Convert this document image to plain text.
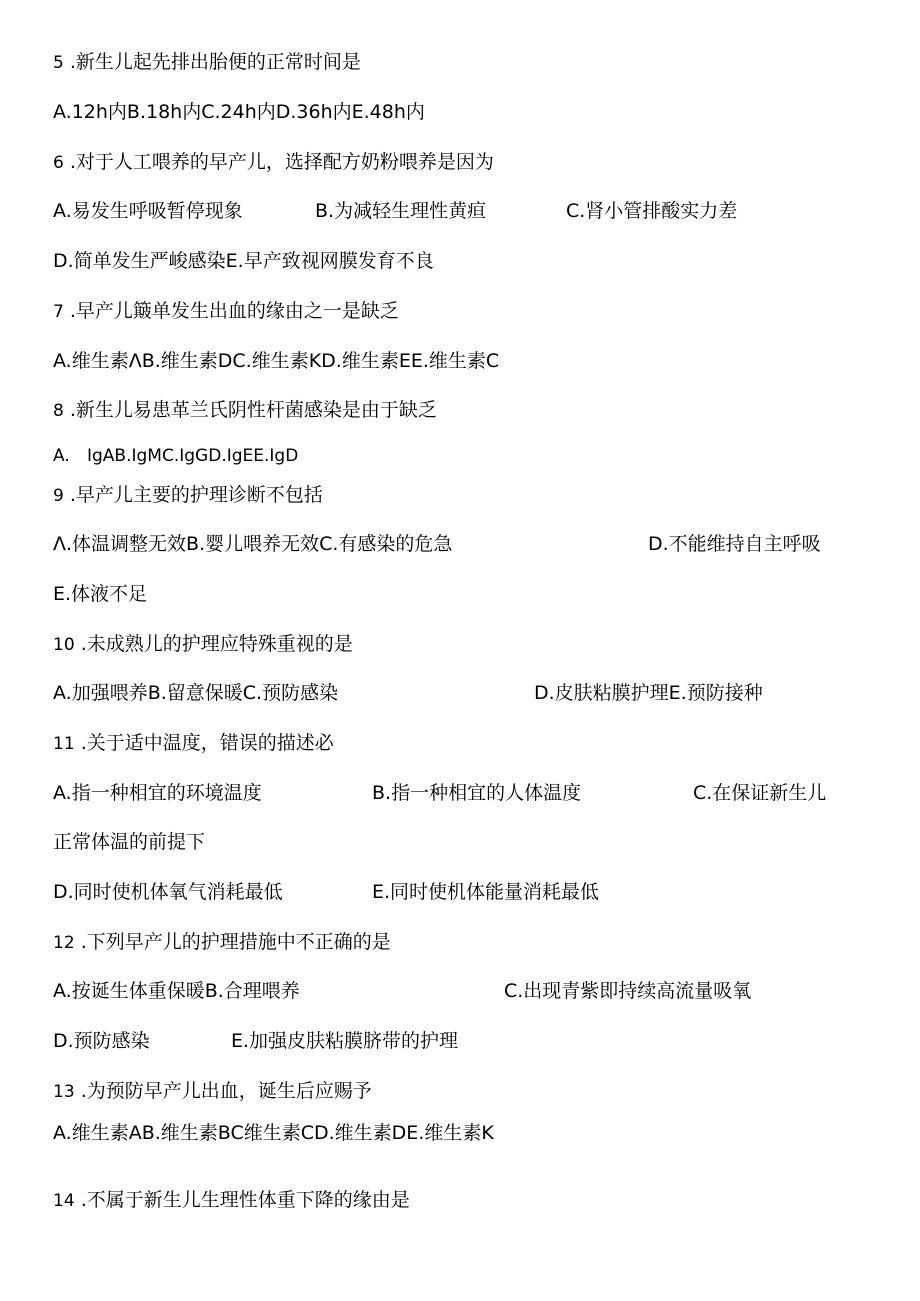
5 .新生儿起先排出胎便的正常时间是
A.12h内B.18h内C.24h内D.36h内E.48h内
6 .对于人工喂养的早产儿，选择配方奶粉喂养是因为
A.易发生呼吸暂停现象	B.为减轻生理性黄疸	C.肾小管排酸实力差
D.简单发生严峻感染E.早产致视网膜发育不良
7 .早产儿簸单发生出血的缘由之一是缺乏
A.维生素ΛB.维生素DC.维生素KD.维生素EE.维生素C
8 .新生儿易患革兰氏阴性杆菌感染是由于缺乏
A. IgAB.IgMC.IgGD.IgEE.IgD
9 .早产儿主要的护理诊断不包括
Λ.体温调整无效B.婴儿喂养无效C.有感染的危急	D.不能维持自主呼吸
E.体液不足
10 .未成熟儿的护理应特殊重视的是
A.加强喂养B.留意保暖C.预防感染	D.皮肤粘膜护理E.预防接种
11 .关于适中温度，错误的描述必
A.指一种相宜的环境温度	B.指一种相宜的人体温度	C.在保证新生儿
正常体温的前提下
D.同时使机体氧气消耗最低	E.同时使机体能量消耗最低
12 .下列早产儿的护理措施中不正确的是
A.按诞生体重保暖B.合理喂养	C.出现青紫即持续高流量吸氧
D.预防感染	E.加强皮肤粘膜脐带的护理
13 .为预防早产儿出血，诞生后应赐予
A.维生素AB.维生素BC维生素CD.维生素DE.维生素K
14 .不属于新生儿生理性体重下降的缘由是
